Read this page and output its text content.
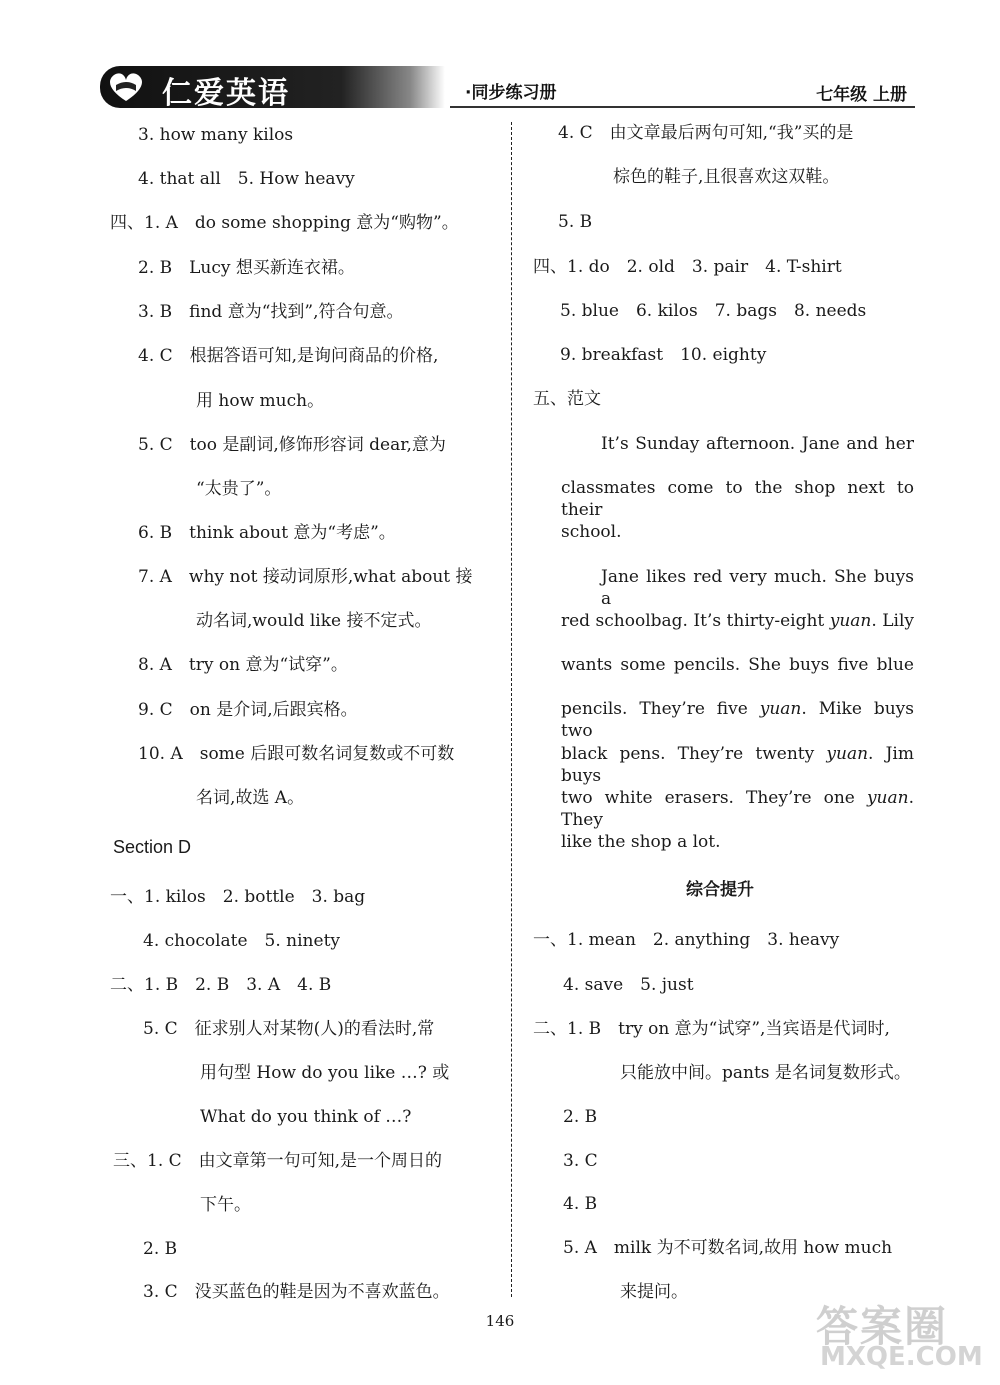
仁爱英语	·同步练习册	七年级 上册
3. how many kilos
4. that all　5. How heavy
四、1. A　do some shopping 意为“购物”。
2. B　Lucy 想买新连衣裙。
3. B　find 意为“找到”,符合句意。
4. C　根据答语可知,是询问商品的价格,
用 how much。
5. C　too 是副词,修饰形容词 dear,意为
“太贵了”。
6. B　think about 意为“考虑”。
7. A　why not 接动词原形,what about 接
动名词,would like 接不定式。
8. A　try on 意为“试穿”。
9. C　on 是介词,后跟宾格。
10. A　some 后跟可数名词复数或不可数
名词,故选 A。
Section D
一、1. kilos　2. bottle　3. bag
4. chocolate　5. ninety
二、1. B　2. B　3. A　4. B
5. C　征求别人对某物(人)的看法时,常
用句型 How do you like …? 或
What do you think of …?
三、1. C　由文章第一句可知,是一个周日的
下午。
2. B
3. C　没买蓝色的鞋是因为不喜欢蓝色。
4. C　由文章最后两句可知,“我”买的是
棕色的鞋子,且很喜欢这双鞋。
5. B
四、1. do　2. old　3. pair　4. T-shirt
5. blue　6. kilos　7. bags　8. needs
9. breakfast　10. eighty
五、范文
It’s Sunday afternoon. Jane and her
classmates come to the shop next to their
school.
Jane likes red very much. She buys a
red schoolbag. It’s thirty-eight yuan. Lily
wants some pencils. She buys five blue
pencils. They’re five yuan. Mike buys two
black pens. They’re twenty yuan. Jim buys
two white erasers. They’re one yuan. They
like the shop a lot.
综合提升
一、1. mean　2. anything　3. heavy
4. save　5. just
二、1. B　try on 意为“试穿”,当宾语是代词时,
只能放中间。pants 是名词复数形式。
2. B
3. C
4. B
5. A　milk 为不可数名词,故用 how much
来提问。
146	答案圈
MXQE.COM
